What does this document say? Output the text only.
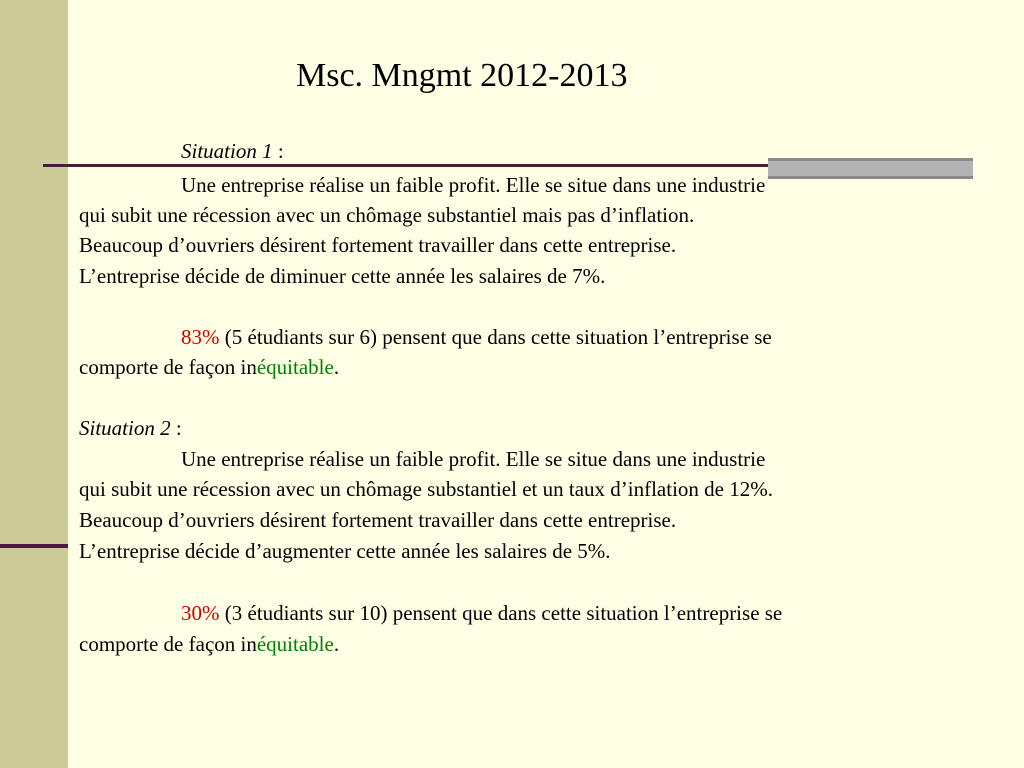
Msc. Mngmt 2012-2013
Situation 1 :
Une entreprise réalise un faible profit. Elle se situe dans une industrie
qui subit une récession avec un chômage substantiel mais pas d’inflation.
Beaucoup d’ouvriers désirent fortement travailler dans cette entreprise.
L’entreprise décide de diminuer cette année les salaires de 7%.
83% (5 étudiants sur 6) pensent que dans cette situation l’entreprise se
comporte de façon inéquitable.
Situation 2 :
Une entreprise réalise un faible profit. Elle se situe dans une industrie
qui subit une récession avec un chômage substantiel et un taux d’inflation de 12%.
Beaucoup d’ouvriers désirent fortement travailler dans cette entreprise.
L’entreprise décide d’augmenter cette année les salaires de 5%.
30% (3 étudiants sur 10) pensent que dans cette situation l’entreprise se
comporte de façon inéquitable.
